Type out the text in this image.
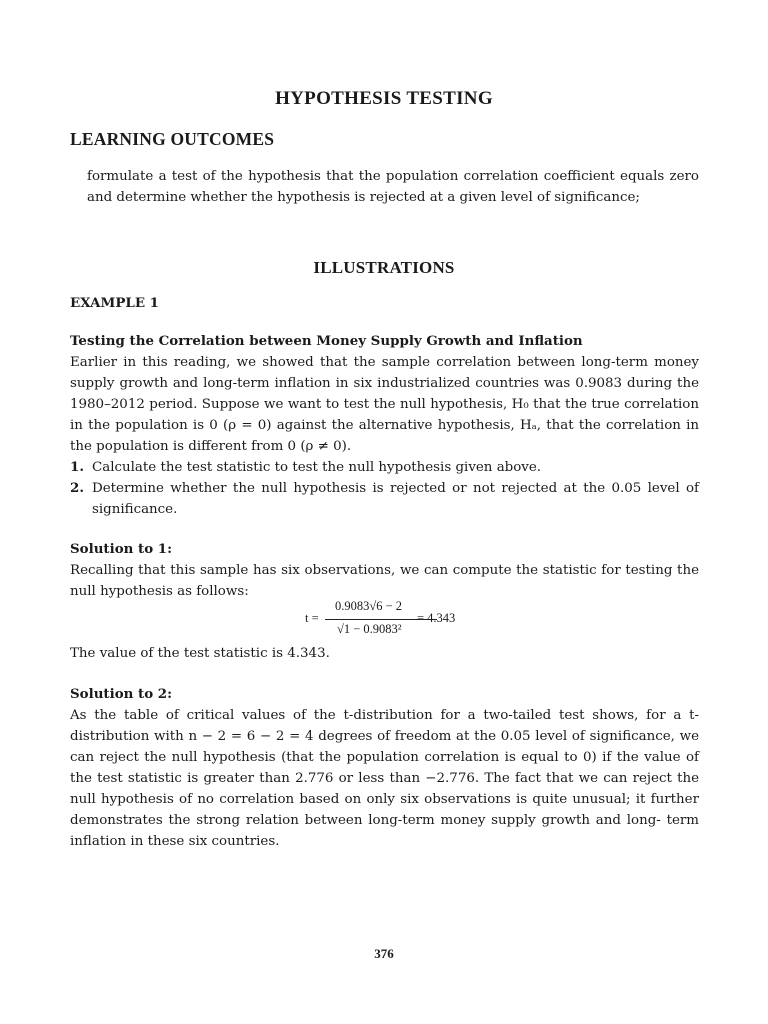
HYPOTHESIS TESTING
LEARNING OUTCOMES
formulate a test of the hypothesis that the population correlation coefficient equals zero and determine whether the hypothesis is rejected at a given level of significance;
ILLUSTRATIONS
EXAMPLE 1
Testing the Correlation between Money Supply Growth and Inflation
Earlier in this reading, we showed that the sample correlation between long-term money supply growth and long-term inflation in six industrialized countries was 0.9083 during the 1980–2012 period. Suppose we want to test the null hypothesis, H₀ that the true correlation in the population is 0 (ρ = 0) against the alternative hypothesis, Hₐ, that the correlation in the population is different from 0 (ρ ≠ 0).
1. Calculate the test statistic to test the null hypothesis given above.
2. Determine whether the null hypothesis is rejected or not rejected at the 0.05 level of significance.
Solution to 1:
Recalling that this sample has six observations, we can compute the statistic for testing the null hypothesis as follows:
t =
0.9083√6 − 2
√1 − 0.9083²
= 4.343
The value of the test statistic is 4.343.
Solution to 2:
As the table of critical values of the t-distribution for a two-tailed test shows, for a t-distribution with n − 2 = 6 − 2 = 4 degrees of freedom at the 0.05 level of significance, we can reject the null hypothesis (that the population correlation is equal to 0) if the value of the test statistic is greater than 2.776 or less than −2.776. The fact that we can reject the null hypothesis of no correlation based on only six observations is quite unusual; it further demonstrates the strong relation between long-term money supply growth and long- term inflation in these six countries.
376
